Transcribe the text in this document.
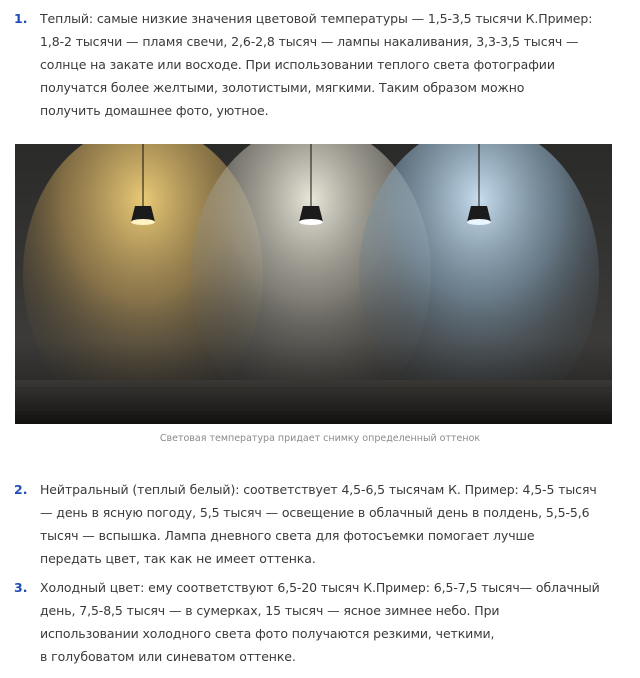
1. Теплый: самые низкие значения цветовой температуры — 1,5-3,5 тысячи К.Пример:
1,8-2 тысячи — пламя свечи, 2,6-2,8 тысяч — лампы накаливания, 3,3-3,5 тысяч —
солнце на закате или восходе. При использовании теплого света фотографии
получатся более желтыми, золотистыми, мягкими. Таким образом можно
получить домашнее фото, уютное.
Световая температура придает снимку определенный оттенок
2. Нейтральный (теплый белый): соответствует 4,5-6,5 тысячам К. Пример: 4,5-5 тысяч
— день в ясную погоду, 5,5 тысяч — освещение в облачный день в полдень, 5,5-5,6
тысяч — вспышка. Лампа дневного света для фотосъемки помогает лучше
передать цвет, так как не имеет оттенка.
3. Холодный цвет: ему соответствуют 6,5-20 тысяч К.Пример: 6,5-7,5 тысяч— облачный
день, 7,5-8,5 тысяч — в сумерках, 15 тысяч — ясное зимнее небо. При
использовании холодного света фото получаются резкими, четкими,
в голубоватом или синеватом оттенке.
